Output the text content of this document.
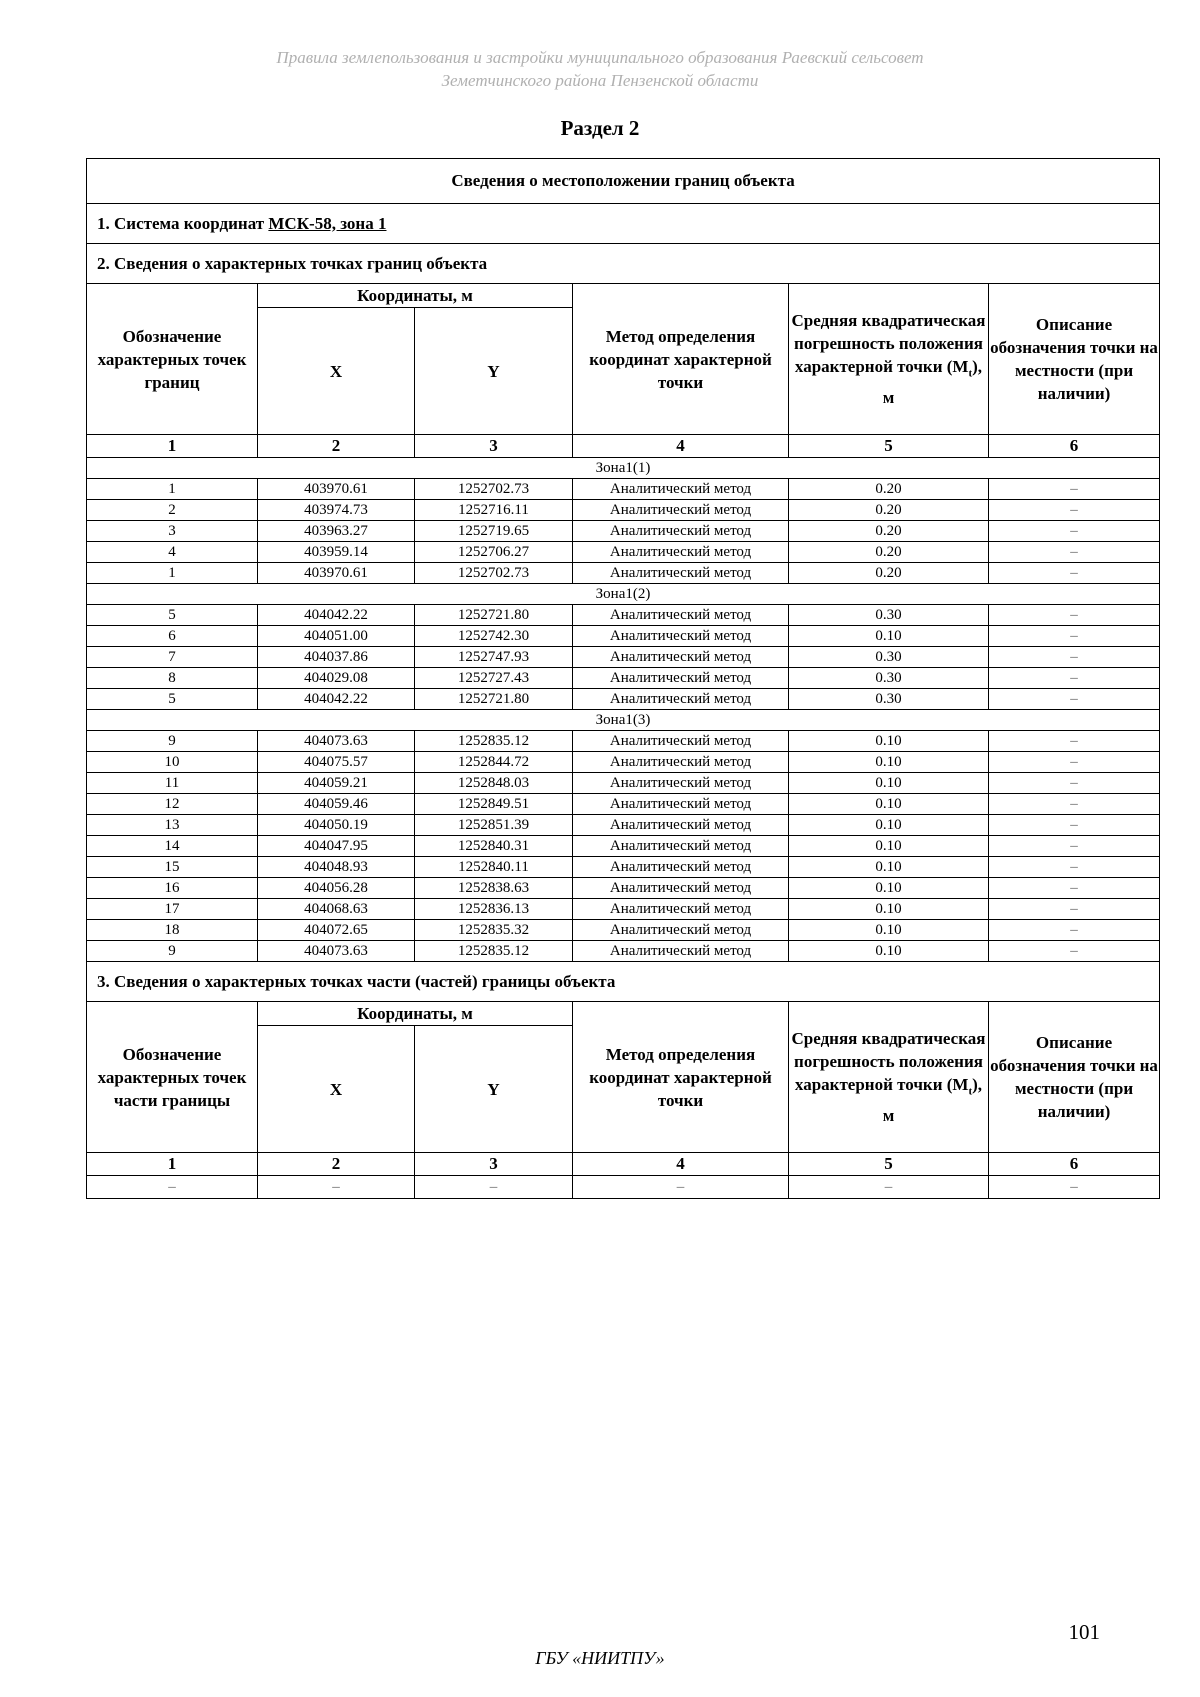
Правила землепользования и застройки муниципального образования Раевский сельсовет
Земетчинского района Пензенской области
Раздел 2
Сведения о местоположении границ объекта					
1. Система координат МСК-58, зона 1					
2. Сведения о характерных точках границ объекта					
Обозначение характерных точек границ	Координаты, м		Метод определения координат характерной точки	Средняя квадратическая погрешность положения характерной точки $(M_t)$, м	Описание обозначения точки на местности (при наличии)
	X	Y			
1	2	3	4	5	6
Зона1(1)					
1	403970.61	1252702.73	Аналитический метод	0.20	–
2	403974.73	1252716.11	Аналитический метод	0.20	–
3	403963.27	1252719.65	Аналитический метод	0.20	–
4	403959.14	1252706.27	Аналитический метод	0.20	–
1	403970.61	1252702.73	Аналитический метод	0.20	–
Зона1(2)					
5	404042.22	1252721.80	Аналитический метод	0.30	–
6	404051.00	1252742.30	Аналитический метод	0.10	–
7	404037.86	1252747.93	Аналитический метод	0.30	–
8	404029.08	1252727.43	Аналитический метод	0.30	–
5	404042.22	1252721.80	Аналитический метод	0.30	–
Зона1(3)					
9	404073.63	1252835.12	Аналитический метод	0.10	–
10	404075.57	1252844.72	Аналитический метод	0.10	–
11	404059.21	1252848.03	Аналитический метод	0.10	–
12	404059.46	1252849.51	Аналитический метод	0.10	–
13	404050.19	1252851.39	Аналитический метод	0.10	–
14	404047.95	1252840.31	Аналитический метод	0.10	–
15	404048.93	1252840.11	Аналитический метод	0.10	–
16	404056.28	1252838.63	Аналитический метод	0.10	–
17	404068.63	1252836.13	Аналитический метод	0.10	–
18	404072.65	1252835.32	Аналитический метод	0.10	–
9	404073.63	1252835.12	Аналитический метод	0.10	–
3. Сведения о характерных точках части (частей) границы объекта					
Обозначение характерных точек части границы	Координаты, м		Метод определения координат характерной точки	Средняя квадратическая погрешность положения характерной точки $(M_t)$, м	Описание обозначения точки на местности (при наличии)
	X	Y			
1	2	3	4	5	6
–	–	–	–	–	–
101
ГБУ «НИИТПУ»
